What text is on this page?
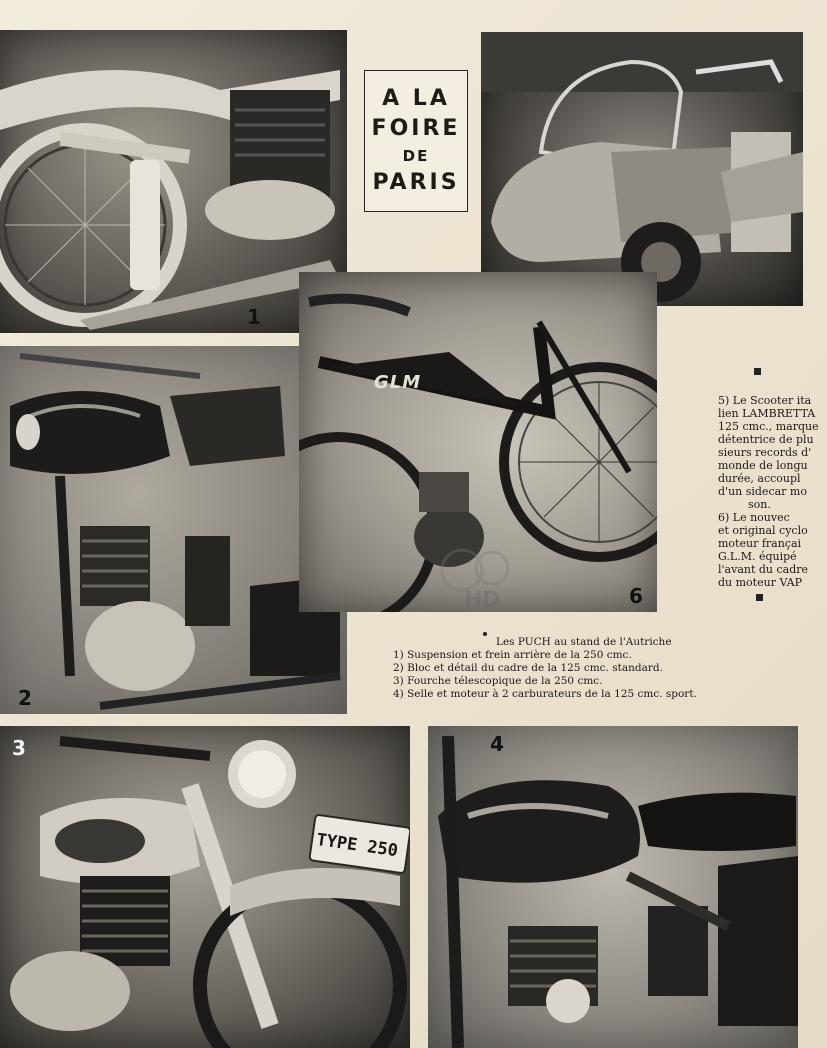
1
A LA
FOIRE
DE
PARIS
2
GLM
6
HD

5) Le Scooter ita

lien LAMBRETTA

125 cmc., marque

détentrice de plu

sieurs records d'

monde de longu

durée, accoupl

d'un sidecar mo

son.

6) Le nouvec

et original cyclo

moteur françai

G.L.M. équipé

l'avant du cadre

du moteur VAP

Les PUCH au stand de l'Autriche
1) Suspension et frein arrière de la 250 cmc.
2) Bloc et détail du cadre de la 125 cmc. standard.
3) Fourche télescopique de la 250 cmc.
4) Selle et moteur à 2 carburateurs de la 125 cmc. sport.
TYPE 250
3	4
